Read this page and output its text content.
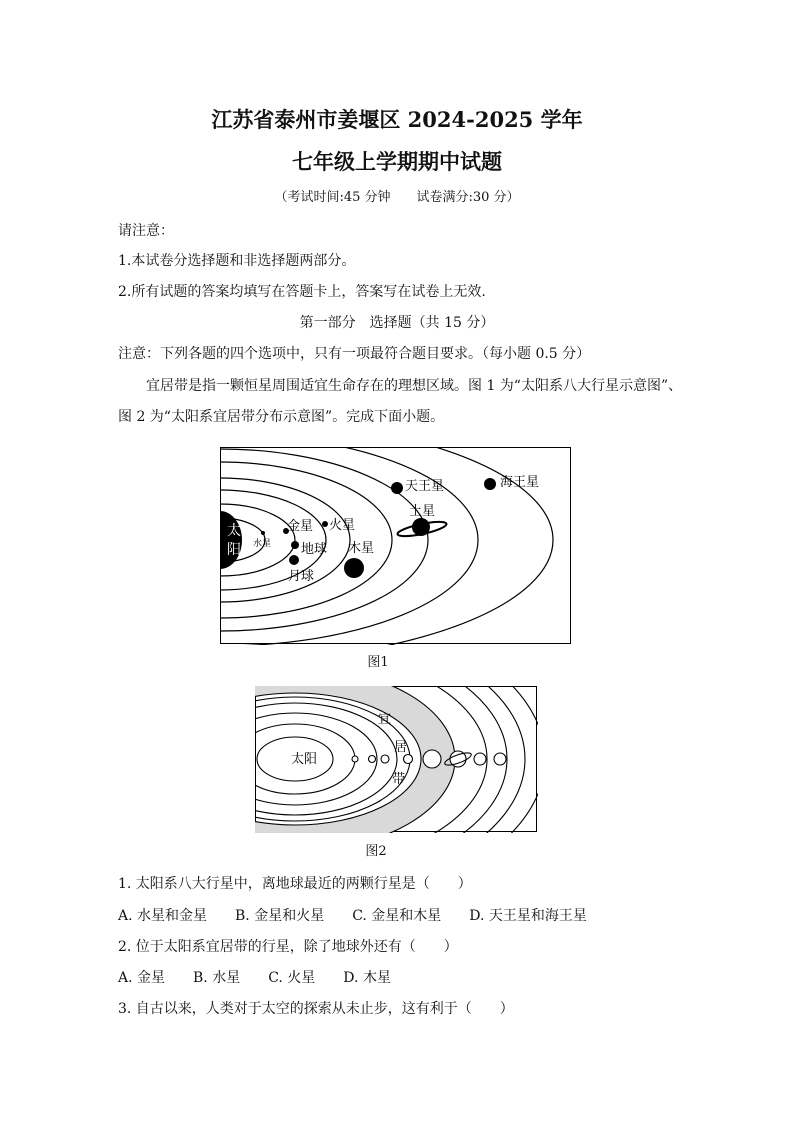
江苏省泰州市姜堰区 2024-2025 学年
七年级上学期期中试题
（考试时间:45 分钟　　试卷满分:30 分）
请注意：
1.本试卷分选择题和非选择题两部分。
2.所有试题的答案均填写在答题卡上，答案写在试卷上无效.
第一部分　选择题（共 15 分）
注意：下列各题的四个选项中，只有一项最符合题目要求。（每小题 0.5 分）
宜居带是指一颗恒星周围适宜生命存在的理想区域。图 1 为“太阳系八大行星示意图”、
图 2 为“太阳系宜居带分布示意图”。完成下面小题。
太
阳 水星
金星 火星
地球
月球
木星
土星
天王星	海王星
图1
太阳
宜
居
带
图2
1. 太阳系八大行星中，离地球最近的两颗行星是（　　）
A. 水星和金星　　B. 金星和火星　　C. 金星和木星　　D. 天王星和海王星
2. 位于太阳系宜居带的行星，除了地球外还有（　　）
A. 金星　　B. 水星　　C. 火星　　D. 木星
3. 自古以来，人类对于太空的探索从未止步，这有利于（　　）
